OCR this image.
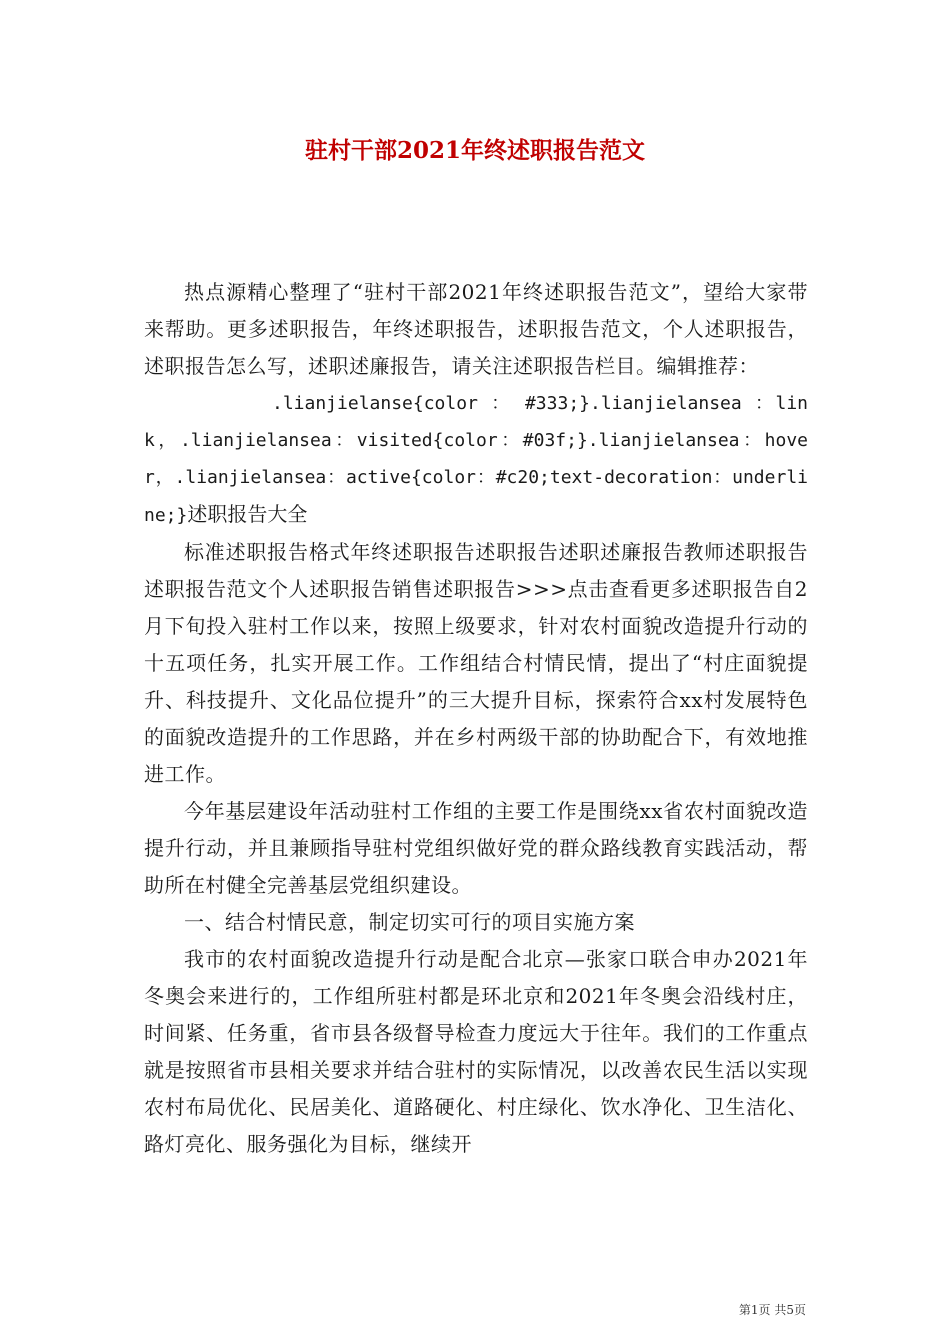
驻村干部2021年终述职报告范文

热点源精心整理了“驻村干部2021年终述职报告范文”，望给大家带来帮助。更多述职报告，年终述职报告，述职报告范文，个人述职报告，述职报告怎么写，述职述廉报告，请关注述职报告栏目。编辑推荐：

.lianjielanse{color ： #333;}.lianjielansea ：link，.lianjielansea：visited{color：#03f;}.lianjielansea：hover，.lianjielansea：active{color：#c20;text-decoration：underline;}述职报告大全

标准述职报告格式年终述职报告述职报告述职述廉报告教师述职报告述职报告范文个人述职报告销售述职报告>>>点击查看更多述职报告自2月下旬投入驻村工作以来，按照上级要求，针对农村面貌改造提升行动的十五项任务，扎实开展工作。工作组结合村情民情，提出了“村庄面貌提升、科技提升、文化品位提升”的三大提升目标，探索符合xx村发展特色的面貌改造提升的工作思路，并在乡村两级干部的协助配合下，有效地推进工作。

今年基层建设年活动驻村工作组的主要工作是围绕xx省农村面貌改造提升行动，并且兼顾指导驻村党组织做好党的群众路线教育实践活动，帮助所在村健全完善基层党组织建设。

一、结合村情民意，制定切实可行的项目实施方案

我市的农村面貌改造提升行动是配合北京—张家口联合申办2021年冬奥会来进行的，工作组所驻村都是环北京和2021年冬奥会沿线村庄，时间紧、任务重，省市县各级督导检查力度远大于往年。我们的工作重点就是按照省市县相关要求并结合驻村的实际情况，以改善农民生活以实现农村布局优化、民居美化、道路硬化、村庄绿化、饮水净化、卫生洁化、路灯亮化、服务强化为目标，继续开

第1页 共5页
